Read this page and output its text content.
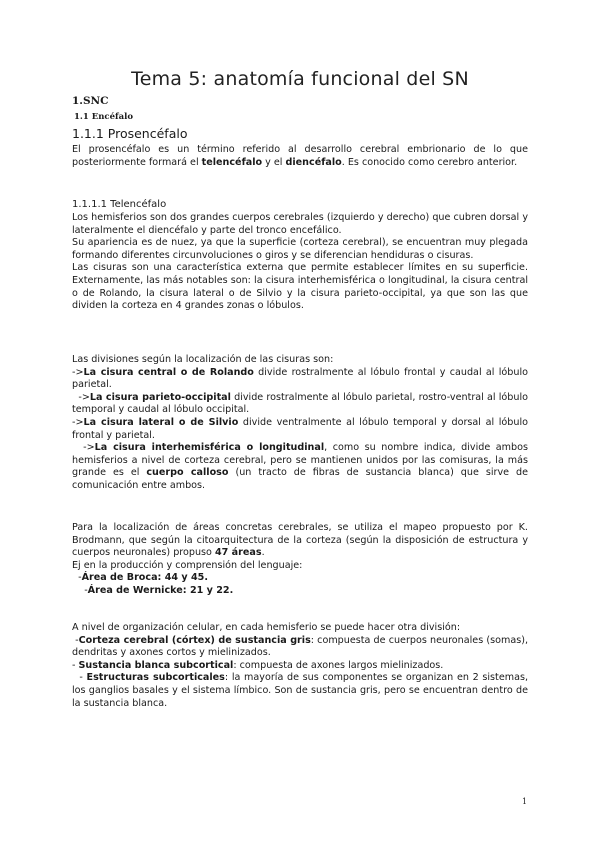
Tema 5: anatomía funcional del SN
1.SNC
1.1 Encéfalo
1.1.1 Prosencéfalo

El prosencéfalo es un término referido al desarrollo cerebral embrionario de lo que posteriormente formará el telencéfalo y el diencéfalo. Es conocido como cerebro anterior.

1.1.1.1 Telencéfalo

Los hemisferios son dos grandes cuerpos cerebrales (izquierdo y derecho) que cubren dorsal y lateralmente el diencéfalo y parte del tronco encefálico.

Su apariencia es de nuez, ya que la superficie (corteza cerebral), se encuentran muy plegada formando diferentes circunvoluciones o giros y se diferencian hendiduras o cisuras.

Las cisuras son una característica externa que permite establecer límites en su superficie. Externamente, las más notables son: la cisura interhemisférica o longitudinal, la cisura central o de Rolando, la cisura lateral o de Silvio y la cisura parieto-occipital, ya que son las que dividen la corteza en 4 grandes zonas o lóbulos.

Las divisiones según la localización de las cisuras son:

->La cisura central o de Rolando divide rostralmente al lóbulo frontal y caudal al lóbulo parietal.

->La cisura parieto-occipital divide rostralmente al lóbulo parietal, rostro-ventral al lóbulo temporal y caudal al lóbulo occipital.

->La cisura lateral o de Silvio divide ventralmente al lóbulo temporal y dorsal al lóbulo frontal y parietal.

->La cisura interhemisférica o longitudinal, como su nombre indica, divide ambos hemisferios a nivel de corteza cerebral, pero se mantienen unidos por las comisuras, la más grande es el cuerpo calloso (un tracto de fibras de sustancia blanca) que sirve de comunicación entre ambos.

Para la localización de áreas concretas cerebrales, se utiliza el mapeo propuesto por K. Brodmann, que según la citoarquitectura de la corteza (según la disposición de estructura y cuerpos neuronales) propuso 47 áreas.

Ej en la producción y comprensión del lenguaje:

-Área de Broca: 44 y 45.

-Área de Wernicke: 21 y 22.

A nivel de organización celular, en cada hemisferio se puede hacer otra división:

-Corteza cerebral (córtex) de sustancia gris: compuesta de cuerpos neuronales (somas), dendritas y axones cortos y mielinizados.

- Sustancia blanca subcortical: compuesta de axones largos mielinizados.

- Estructuras subcorticales: la mayoría de sus componentes se organizan en 2 sistemas, los ganglios basales y el sistema límbico. Son de sustancia gris, pero se encuentran dentro de la sustancia blanca.

1
